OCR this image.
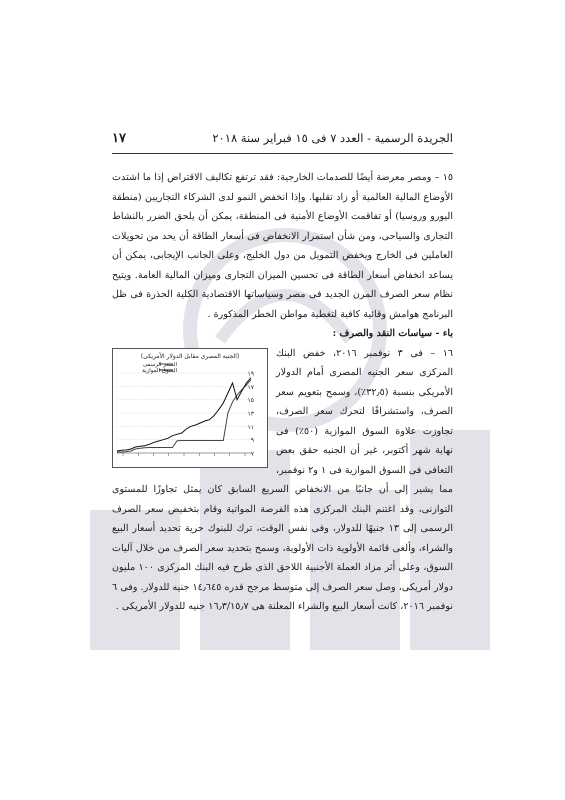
الجريدة الرسمية - العدد ٧ فى ١٥ فبراير سنة ٢٠١٨
١٧

١٥ – ومصر معرضة أيضًا للصدمات الخارجية: فقد ترتفع تكاليف الاقتراض إذا ما اشتدت الأوضاع المالية العالمية أو زاد تقلبها. وإذا انخفض النمو لدى الشركاء التجاريين (منطقة اليورو وروسيا) أو تفاقمت الأوضاع الأمنية فى المنطقة، يمكن أن يلحق الضرر بالنشاط التجارى والسياحى، ومن شأن استمرار الانخفاض فى أسعار الطاقة أن يحد من تحويلات العاملين فى الخارج ويخفض التمويل من دول الخليج، وعلى الجانب الإيجابى، يمكن أن يساعد انخفاض أسعار الطاقة فى تحسين الميزان التجارى وميزان المالية العامة. ويتيح نظام سعر الصرف المرن الجديد فى مصر وسياساتها الاقتصادية الكلية الحذرة فى ظل البرنامج هوامش وقائية كافية لتغطية مواطن الخطر المذكورة .

باء - سياسات النقد والصرف :

٧
٩
١١
١٣
١٥
١٧
١٩
(الجنيه المصرى مقابل الدولار الأمريكى)
السعر الرسمى
السوق الموازية

١٦ – فى ٣ نوفمبر ٢٠١٦، خفض البنك المركزى سعر الجنيه المصرى أمام الدولار الأمريكى بنسبة (٣٢٫٥٪)، وسمح بتعويم سعر الصرف، واستشرافًا لتحرك سعر الصرف، تجاوزت علاوة السوق الموازية (٥٠٪) فى نهاية شهر أكتوبر، غير أن الجنيه حقق بعض التعافى فى السوق الموازية فى ١ و٢ نوفمبر، مما يشير إلى أن جانبًا من الانخفاض السريع السابق كان يمثل تجاوزًا للمستوى التوازنى، وقد اغتنم البنك المركزى هذه الفرصة المواتية وقام بتخفيض سعر الصرف الرسمى إلى ١٣ جنيهًا للدولار، وفى نفس الوقت، ترك للبنوك حرية تحديد أسعار البيع والشراء، وألغى قائمة الأولوية ذات الأولوية، وسمح بتحديد سعر الصرف من خلال آليات السوق، وعلى أثر مزاد العملة الأجنبية اللاحق الذى طرح فيه البنك المركزى ١٠٠ مليون دولار أمريكى، وصل سعر الصرف إلى متوسط مرجح قدره ١٤٫٦٤٥ جنيه للدولار. وفى ٦ نوفمبر ٢٠١٦، كانت أسعار البيع والشراء المعلنة هى ١٦٫٣/١٥٫٧ جنيه للدولار الأمريكى .
